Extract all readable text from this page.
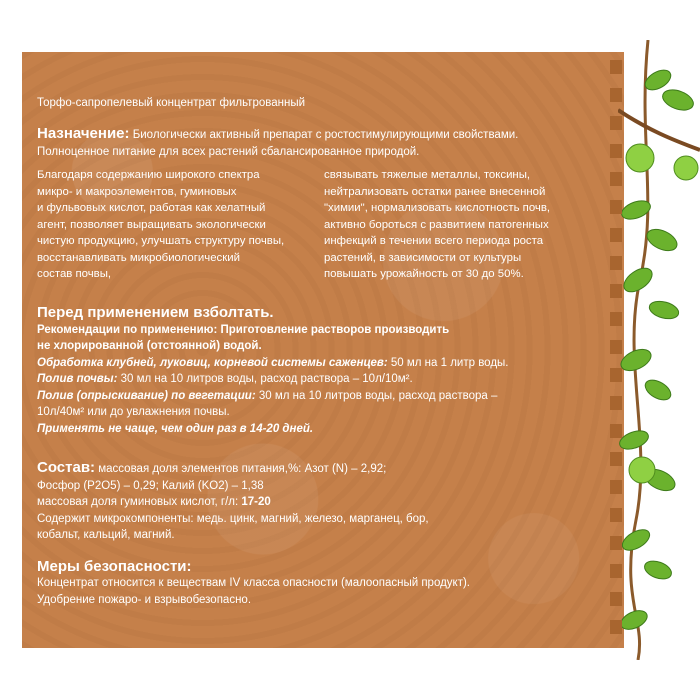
Торфо-сапропелевый концентрат фильтрованный
Назначение: Биологически активный препарат с ростостимулирующими свойствами.
Полноценное питание для всех растений сбалансированное природой.
Благодаря содержанию широкого спектра
микро- и макроэлементов, гуминовых
и фульвовых кислот, работая как хелатный
агент, позволяет выращивать экологически
чистую продукцию, улучшать структуру почвы,
восстанавливать микробиологический
состав почвы,
связывать тяжелые металлы, токсины,
нейтрализовать остатки ранее внесенной
"химии", нормализовать кислотность почв,
активно бороться с развитием патогенных
инфекций в течении всего периода роста
растений, в зависимости от культуры
повышать урожайность от 30 до 50%.
Перед применением взболтать.
Рекомендации по применению: Приготовление растворов производить
не хлорированной (отстоянной) водой.
Обработка клубней, луковиц, корневой системы саженцев: 50 мл на 1 литр воды.
Полив почвы: 30 мл на 10 литров воды, расход раствора – 10л/10м².
Полив (опрыскивание) по вегетации: 30 мл на 10 литров воды, расход раствора –
10л/40м² или до увлажнения почвы.
Применять не чаще, чем один раз в 14-20 дней.
Состав: массовая доля элементов питания,%: Азот (N) – 2,92;
Фосфор (P2O5) – 0,29; Калий (KO2) – 1,38
массовая доля гуминовых кислот, г/л: 17-20
Содержит микрокомпоненты: медь. цинк, магний, железо, марганец, бор,
кобальт, кальций, магний.
Меры безопасности:
Концентрат относится к веществам IV класса опасности (малоопасный продукт).
Удобрение пожаро- и взрывобезопасно.
